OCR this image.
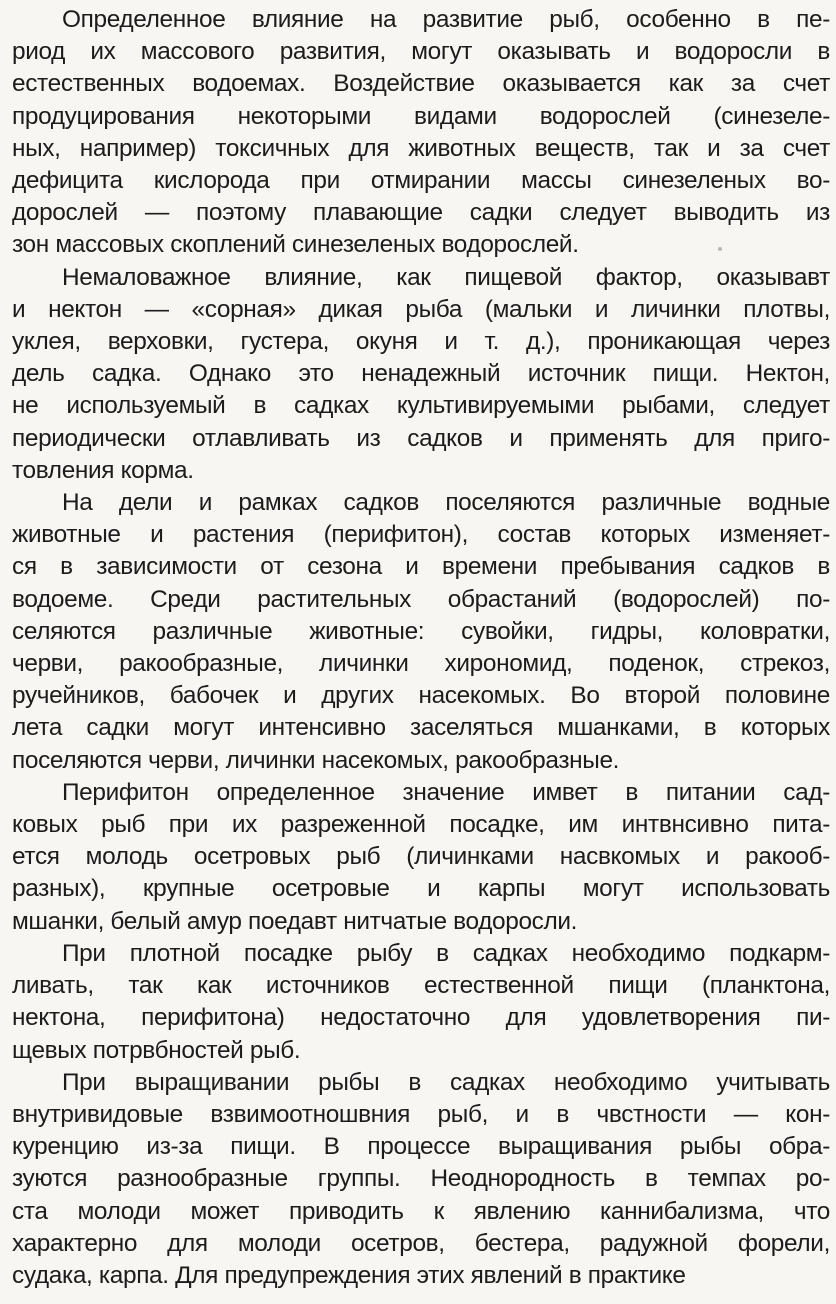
Определенное влияние на развитие рыб, особенно в пе-
риод их массового развития, могут оказывать и водоросли в
естественных водоемах. Воздействие оказывается как за счет
продуцирования некоторыми видами водорослей (синезеле-
ных, например) токсичных для животных веществ, так и за счет
дефицита кислорода при отмирании массы синезеленых во-
дорослей — поэтому плавающие садки следует выводить из
зон массовых скоплений синезеленых водорослей.

Немаловажное влияние, как пищевой фактор, оказывавт
и нектон — «сорная» дикая рыба (мальки и личинки плотвы,
уклея, верховки, густера, окуня и т. д.), проникающая через
дель садка. Однако это ненадежный источник пищи. Нектон,
не используемый в садках культивируемыми рыбами, следует
периодически отлавливать из садков и применять для приго-
товления корма.

На дели и рамках садков поселяются различные водные
животные и растения (перифитон), состав которых изменяет-
ся в зависимости от сезона и времени пребывания садков в
водоеме. Среди растительных обрастаний (водорослей) по-
селяются различные животные: сувойки, гидры, коловратки,
черви, ракообразные, личинки хирономид, поденок, стрекоз,
ручейников, бабочек и других насекомых. Во второй половине
лета садки могут интенсивно заселяться мшанками, в которых
поселяются черви, личинки насекомых, ракообразные.

Перифитон определенное значение имвет в питании сад-
ковых рыб при их разреженной посадке, им интвнсивно пита-
ется молодь осетровых рыб (личинками насвкомых и ракооб-
разных), крупные осетровые и карпы могут использовать
мшанки, белый амур поедавт нитчатые водоросли.

При плотной посадке рыбу в садках необходимо подкарм-
ливать, так как источников естественной пищи (планктона,
нектона, перифитона) недостаточно для удовлетворения пи-
щевых потрвбностей рыб.

При выращивании рыбы в садках необходимо учитывать
внутривидовые взвимоотношвния рыб, и в чвстности — кон-
куренцию из-за пищи. В процессе выращивания рыбы обра-
зуются разнообразные группы. Неоднородность в темпах ро-
ста молоди может приводить к явлению каннибализма, что
характерно для молоди осетров, бестера, радужной форели,
судака, карпа. Для предупреждения этих явлений в практике
